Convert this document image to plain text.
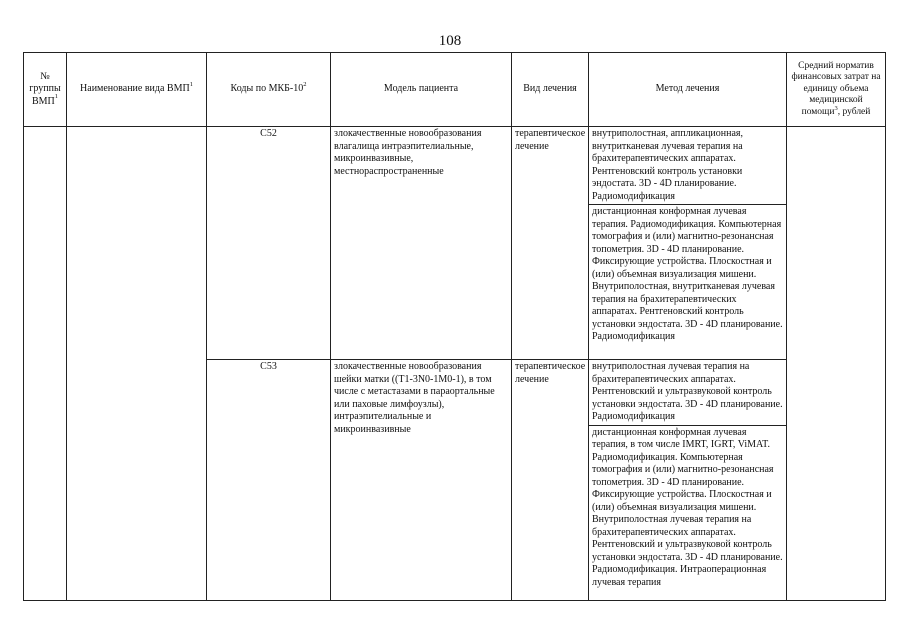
108
№ группы ВМП$^1$	Наименование вида ВМП$^1$	Коды по МКБ-$10^2$	Модель пациента	Вид лечения	Метод лечения	Средний норматив финансовых затрат на единицу объема медицинской помощи$^3$, рублей
		C52	злокачественные новообразования влагалища интраэпителиальные, микроинвазивные, местнораспространенные	терапевтическое лечение	внутриполостная, аппликационная, внутритканевая лучевая терапия на брахитерапевтических аппаратах. Рентгеновский контроль установки эндостата. 3D - 4D планирование. Радиомодификация	
					дистанционная конформная лучевая терапия. Радиомодификация. Компьютерная томография и (или) магнитно-резонансная топометрия. 3D - 4D планирование. Фиксирующие устройства. Плоскостная и (или) объемная визуализация мишени. Внутриполостная, внутритканевая лучевая терапия на брахитерапевтических аппаратах. Рентгеновский контроль установки эндостата. 3D - 4D планирование. Радиомодификация	
		C53	злокачественные новообразования шейки матки ((T1-3N0-1M0-1), в том числе с метастазами в параортальные или паховые лимфоузлы), интраэпителиальные и микроинвазивные	терапевтическое лечение	внутриполостная лучевая терапия на брахитерапевтических аппаратах. Рентгеновский и ультразвуковой контроль установки эндостата. 3D - 4D планирование. Радиомодификация	
					дистанционная конформная лучевая терапия, в том числе IMRT, IGRT, ViMAT. Радиомодификация. Компьютерная томография и (или) магнитно-резонансная топометрия. 3D - 4D планирование. Фиксирующие устройства. Плоскостная и (или) объемная визуализация мишени. Внутриполостная лучевая терапия на брахитерапевтических аппаратах. Рентгеновский и ультразвуковой контроль установки эндостата. 3D - 4D планирование. Радиомодификация. Интраоперационная лучевая терапия	
